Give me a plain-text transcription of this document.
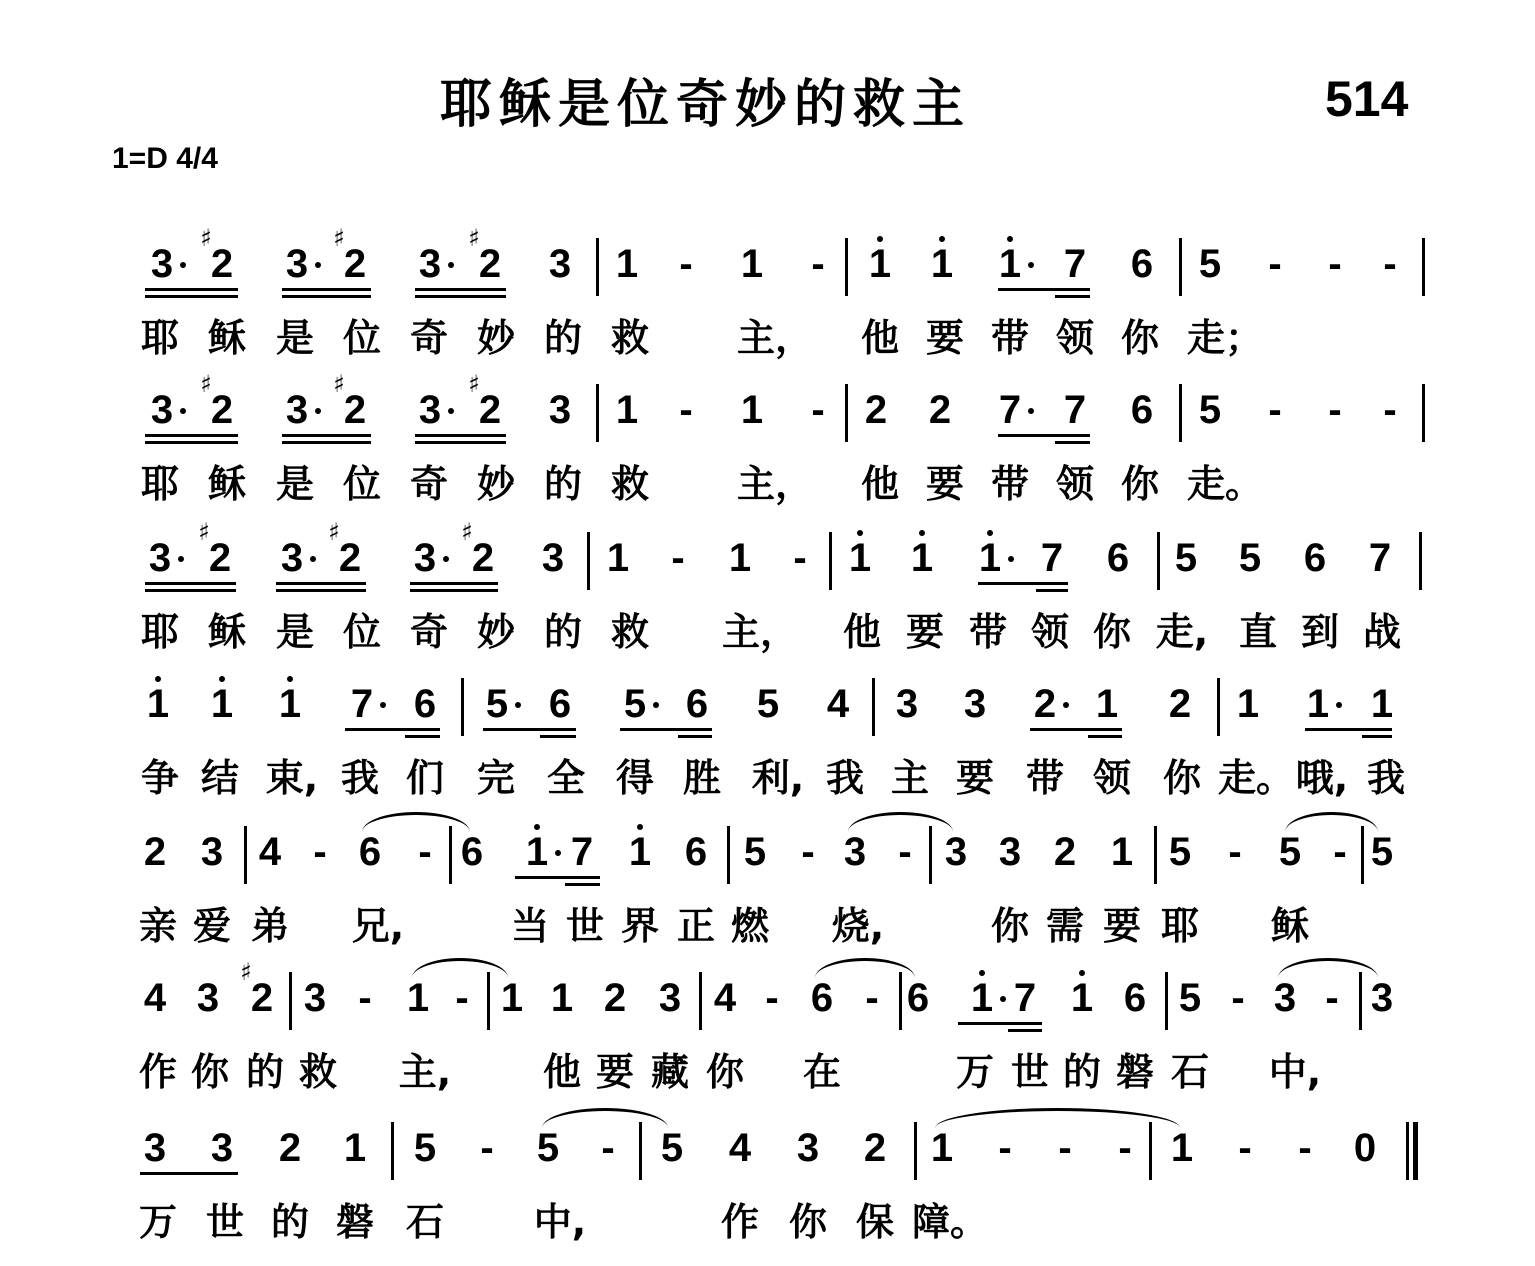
耶稣是位奇妙的救主	514
1=D 4/4
3
♯
2 3
♯
2 3
♯
2 3 1 - 1 - 1 1 1 7 6 5 - - -
耶 稣 是 位 奇 妙 的 救 主， 他 要 带 领 你 走；
3
♯
2 3
♯
2 3
♯
2 3 1 - 1 - 2 2 7 7 6 5 - - -
耶 稣 是 位 奇 妙 的 救 主， 他 要 带 领 你 走。
3
♯
2 3
♯
2 3
♯
2 3 1 - 1 - 1 1 1 7 6 5 5 6 7
耶 稣 是 位 奇 妙 的 救 主， 他 要 带 领 你 走, 直 到 战
1 1 1 7 6 5 6 5 6 5 4 3 3 2 1 2 1 1 1
争 结 束, 我 们 完 全 得 胜 利, 我 主 要 带 领 你 走。 哦, 我
2 3 4 - 6 - 6 1 7 1 6 5 - 3 - 3 3 2 1 5 - 5 - 5
亲 爱 弟 兄,	当 世 界 正 燃 烧,	你 需 要 耶 稣
4 3
♯
2 3 - 1 - 1 1 2 3 4 - 6 - 6 1 7 1 6 5 - 3 - 3
作 你 的 救 主, 他 要 藏 你 在	万 世 的 磐 石 中,
3 3 2 1 5 - 5 - 5 4 3 2 1 - - - 1 - - 0
万 世 的 磐 石 中,	作 你 保 障。
